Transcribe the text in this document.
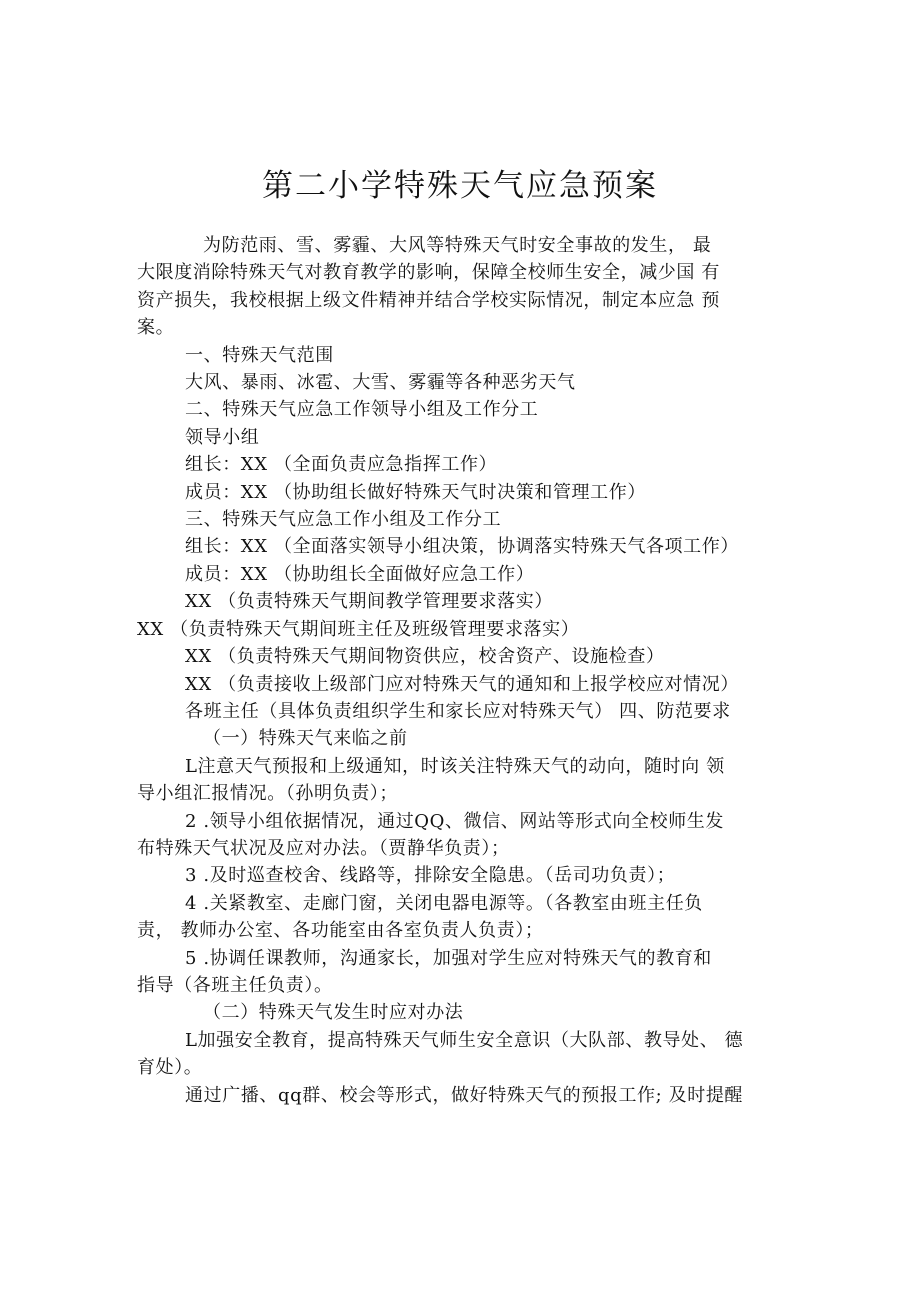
第二小学特殊天气应急预案
为防范雨、雪、雾霾、大风等特殊天气时安全事故的发生， 最
大限度消除特殊天气对教育教学的影响，保障全校师生安全，减少国 有
资产损失，我校根据上级文件精神并结合学校实际情况，制定本应急 预
案。
一、特殊天气范围
大风、暴雨、冰雹、大雪、雾霾等各种恶劣天气
二、特殊天气应急工作领导小组及工作分工
领导小组
组长：XX （全面负责应急指挥工作）
成员：XX （协助组长做好特殊天气时决策和管理工作）
三、特殊天气应急工作小组及工作分工
组长：XX （全面落实领导小组决策，协调落实特殊天气各项工作）
成员：XX （协助组长全面做好应急工作）
XX （负责特殊天气期间教学管理要求落实）
XX （负责特殊天气期间班主任及班级管理要求落实）
XX （负责特殊天气期间物资供应，校舍资产、设施检查）
XX （负责接收上级部门应对特殊天气的通知和上报学校应对情况）
各班主任（具体负责组织学生和家长应对特殊天气） 四、防范要求
（一）特殊天气来临之前
L注意天气预报和上级通知，时该关注特殊天气的动向，随时向 领
导小组汇报情况。（孙明负责）；
2 .领导小组依据情况，通过QQ、微信、网站等形式向全校师生发
布特殊天气状况及应对办法。（贾静华负责）；
3 .及时巡查校舍、线路等，排除安全隐患。（岳司功负责）；
4 .关紧教室、走廊门窗，关闭电器电源等。（各教室由班主任负
责， 教师办公室、各功能室由各室负责人负责）；
5 .协调任课教师，沟通家长，加强对学生应对特殊天气的教育和
指导（各班主任负责）。
（二）特殊天气发生时应对办法
L加强安全教育，提高特殊天气师生安全意识（大队部、教导处、 德
育处）。
通过广播、qq群、校会等形式，做好特殊天气的预报工作; 及时提醒
